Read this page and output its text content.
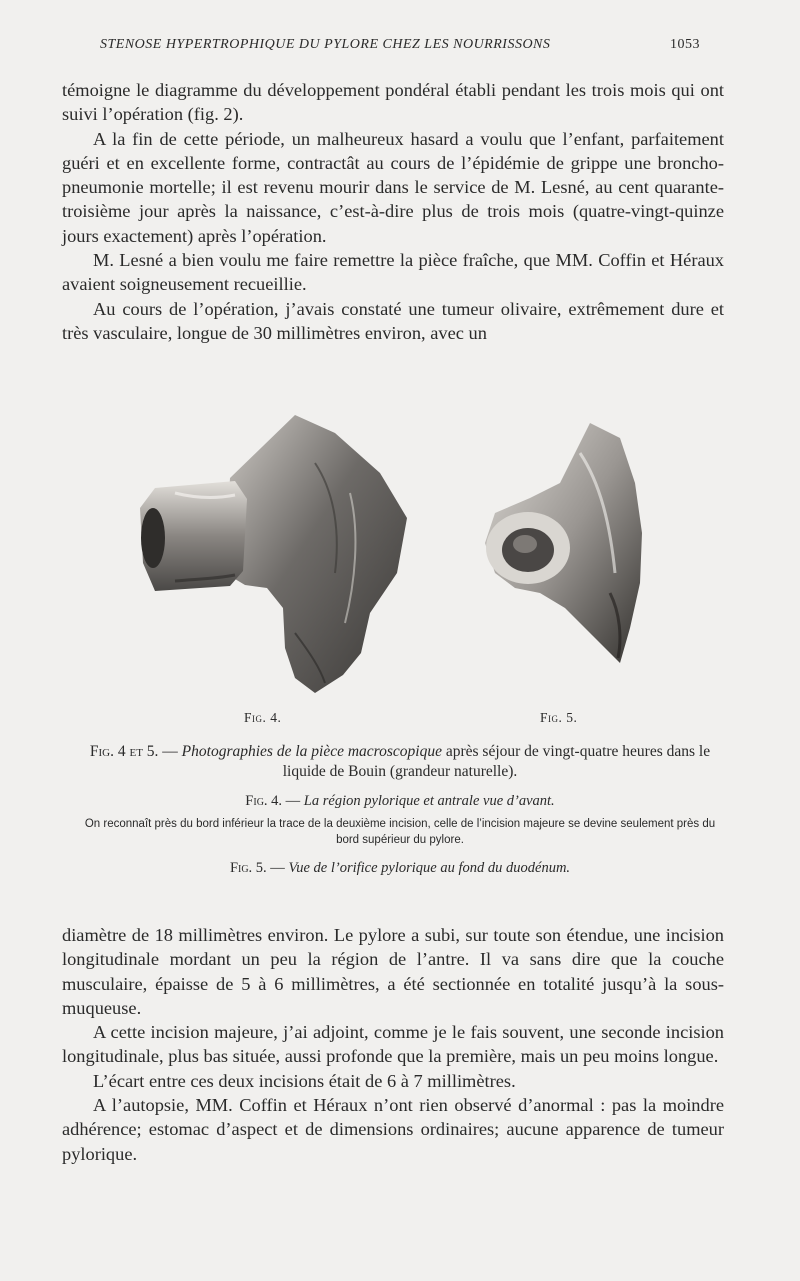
STENOSE HYPERTROPHIQUE DU PYLORE CHEZ LES NOURRISSONS	1053

témoigne le diagramme du développement pondéral établi pendant les trois mois qui ont suivi l’opération (fig. 2).

A la fin de cette période, un malheureux hasard a voulu que l’enfant, parfaitement guéri et en excellente forme, contractât au cours de l’épidémie de grippe une broncho-pneumonie mortelle; il est revenu mourir dans le service de M. Lesné, au cent quarante-troisième jour après la naissance, c’est-à-dire plus de trois mois (quatre-vingt-quinze jours exactement) après l’opération.

M. Lesné a bien voulu me faire remettre la pièce fraîche, que MM. Coffin et Héraux avaient soigneusement recueillie.

Au cours de l’opération, j’avais constaté une tumeur olivaire, extrêmement dure et très vasculaire, longue de 30 millimètres environ, avec un

Fig. 4.	Fig. 5.
Fig. 4 et 5. — Photographies de la pièce macroscopique après séjour de vingt-quatre heures dans le liquide de Bouin (grandeur naturelle).
Fig. 4. — La région pylorique et antrale vue d’avant.
On reconnaît près du bord inférieur la trace de la deuxième incision, celle de l’incision majeure se devine seulement près du bord supérieur du pylore.
Fig. 5. — Vue de l’orifice pylorique au fond du duodénum.

diamètre de 18 millimètres environ. Le pylore a subi, sur toute son étendue, une incision longitudinale mordant un peu la région de l’antre. Il va sans dire que la couche musculaire, épaisse de 5 à 6 millimètres, a été sectionnée en totalité jusqu’à la sous-muqueuse.

A cette incision majeure, j’ai adjoint, comme je le fais souvent, une seconde incision longitudinale, plus bas située, aussi profonde que la première, mais un peu moins longue.

L’écart entre ces deux incisions était de 6 à 7 millimètres.

A l’autopsie, MM. Coffin et Héraux n’ont rien observé d’anormal : pas la moindre adhérence; estomac d’aspect et de dimensions ordinaires; aucune apparence de tumeur pylorique.
